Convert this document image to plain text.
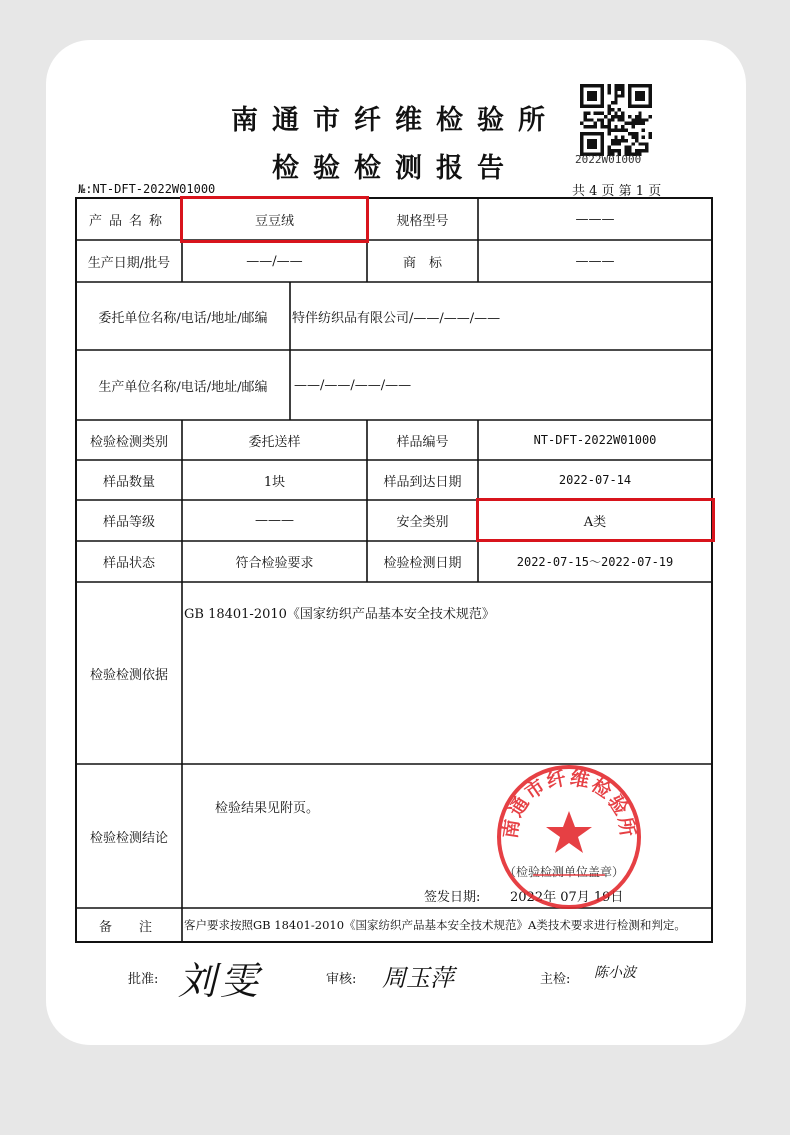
南通市纤维检验所
检验检测报告	2022W01000
№:NT-DFT-2022W01000	共 4 页 第 1 页
产品名称	豆豆绒	规格型号	———
生产日期/批号	——/——	商　标	———
委托单位名称/电话/地址/邮编	特伴纺织品有限公司/——/——/——
生产单位名称/电话/地址/邮编	——/——/——/——
检验检测类别	委托送样	样品编号	NT-DFT-2022W01000
样品数量	1块	样品到达日期	2022-07-14
样品等级	———	安全类别	A类
样品状态	符合检验要求	检验检测日期	2022-07-15～2022-07-19
检验检测依据
GB 18401-2010《国家纺织产品基本安全技术规范》
检验检测结论
检验结果见附页。
（检验检测单位盖章）
签发日期: 2022年 07月 19日
备　注	客户要求按照GB 18401-2010《国家纺织产品基本安全技术规范》A类技术要求进行检测和判定。
南通市纤维检验所
批准: 刘雯	审核: 周玉萍	主检: 陈小波
